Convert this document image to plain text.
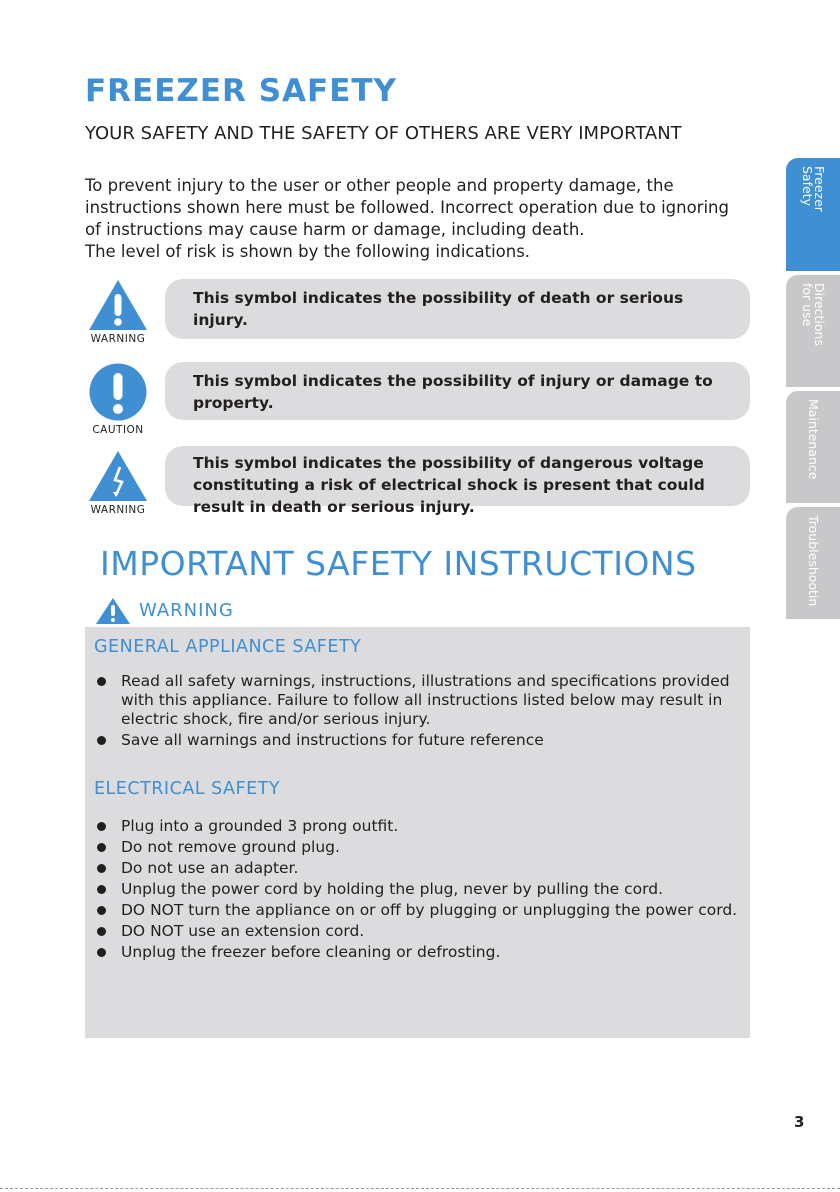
FREEZER SAFETY
YOUR SAFETY AND THE SAFETY OF OTHERS ARE VERY IMPORTANT

To prevent injury to the user or other people and property damage, the instructions shown here must be followed. Incorrect operation due to ignoring of instructions may cause harm or damage, including death.

The level of risk is shown by the following indications.

WARNING
This symbol indicates the possibility of death or serious injury.
CAUTION
This symbol indicates the possibility of injury or damage to property.
WARNING
This symbol indicates the possibility of dangerous voltage constituting a risk of electrical shock is present that could result in death or serious injury.
IMPORTANT SAFETY INSTRUCTIONS
WARNING
GENERAL APPLIANCE SAFETY
Read all safety warnings, instructions, illustrations and specifications provided with this appliance. Failure to follow all instructions listed below may result in electric shock, fire and/or serious injury.
Save all warnings and instructions for future reference
ELECTRICAL SAFETY
Plug into a grounded 3 prong outfit.
Do not remove ground plug.
Do not use an adapter.
Unplug the power cord by holding the plug, never by pulling the cord.
DO NOT turn the appliance on or off by plugging or unplugging the power cord.
DO NOT use an extension cord.
Unplug the freezer before cleaning or defrosting.
Freezer
Safety
Directions
for use
Maintenance
Troubleshootin

3
